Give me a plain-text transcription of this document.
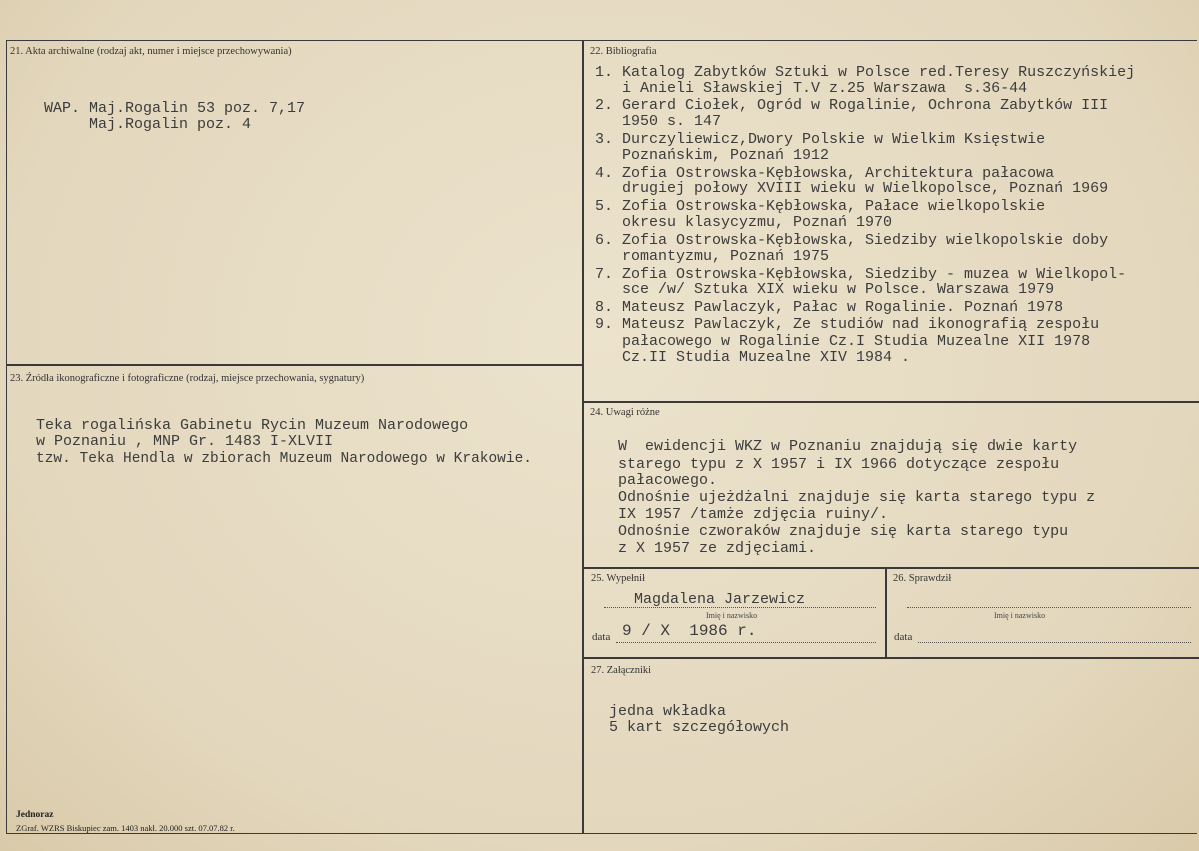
21. Akta archiwalne (rodzaj akt, numer i miejsce przechowywania)
WAP. Maj.Rogalin 53 poz. 7,17
Maj.Rogalin poz. 4
22. Bibliografia
1. Katalog Zabytków Sztuki w Polsce red.Teresy Ruszczyńskiej
i Anieli Sławskiej T.V z.25 Warszawa  s.36-44
2. Gerard Ciołek, Ogród w Rogalinie, Ochrona Zabytków III
1950 s. 147
3. Durczyliewicz,Dwory Polskie w Wielkim Księstwie
Poznańskim, Poznań 1912
4. Zofia Ostrowska-Kębłowska, Architektura pałacowa
drugiej połowy XVIII wieku w Wielkopolsce, Poznań 1969
5. Zofia Ostrowska-Kębłowska, Pałace wielkopolskie
okresu klasycyzmu, Poznań 1970
6. Zofia Ostrowska-Kębłowska, Siedziby wielkopolskie doby
romantyzmu, Poznań 1975
7. Zofia Ostrowska-Kębłowska, Siedziby - muzea w Wielkopol-
sce /w/ Sztuka XIX wieku w Polsce. Warszawa 1979
8. Mateusz Pawlaczyk, Pałac w Rogalinie. Poznań 1978
9. Mateusz Pawlaczyk, Ze studiów nad ikonografią zespołu
pałacowego w Rogalinie Cz.I Studia Muzealne XII 1978
Cz.II Studia Muzealne XIV 1984 .
23. Źródła ikonograficzne i fotograficzne (rodzaj, miejsce przechowania, sygnatury)
Teka rogalińska Gabinetu Rycin Muzeum Narodowego
w Poznaniu , MNP Gr. 1483 I-XLVII
tzw. Teka Hendla w zbiorach Muzeum Narodowego w Krakowie.
24. Uwagi różne
W  ewidencji WKZ w Poznaniu znajdują się dwie karty
starego typu z X 1957 i IX 1966 dotyczące zespołu
pałacowego.
Odnośnie ujeżdżalni znajduje się karta starego typu z
IX 1957 /tamże zdjęcia ruiny/.
Odnośnie czworaków znajduje się karta starego typu
z X 1957 ze zdjęciami.
25. Wypełnił
Magdalena Jarzewicz
Imię i nazwisko
data 9 / X  1986 r.
26. Sprawdził
Imię i nazwisko
data
27. Załączniki
jedna wkładka
5 kart szczegółowych
Jednoraz
ZGraf. WZRS Biskupiec zam. 1403 nakł. 20.000 szt. 07.07.82 r.
